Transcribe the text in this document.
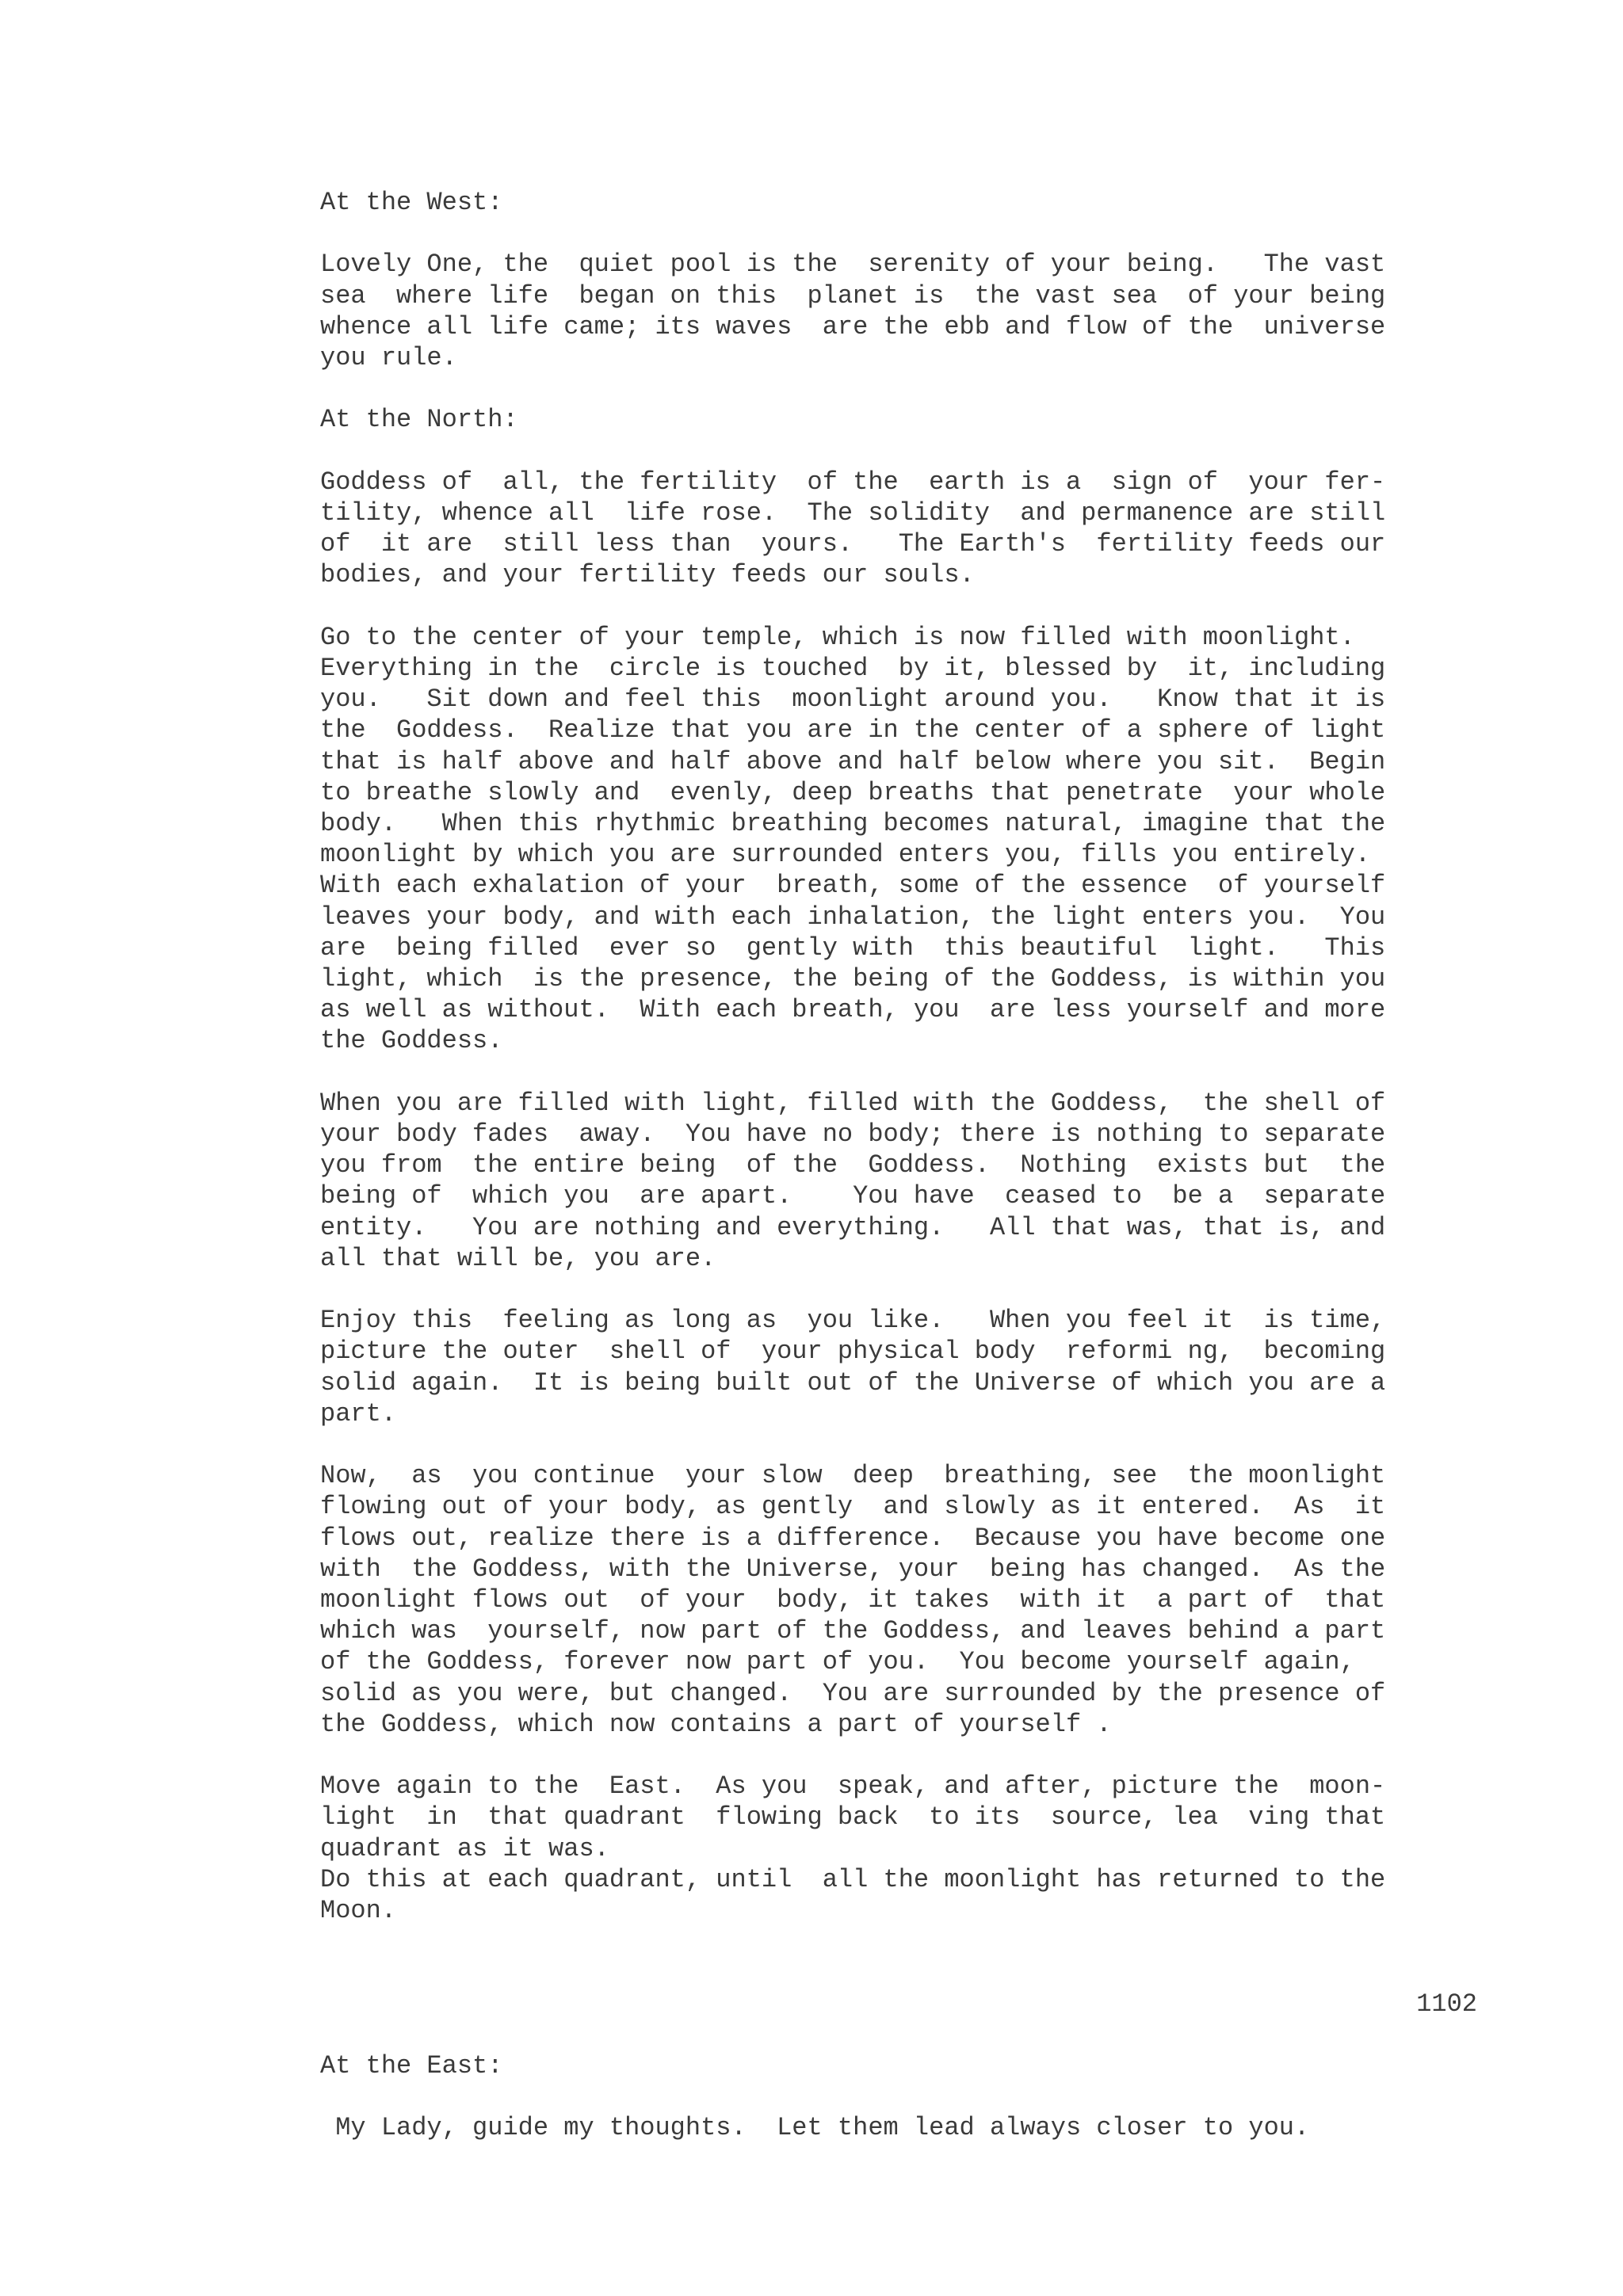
At the West:
Lovely One, the  quiet pool is the  serenity of your being.   The vast
sea  where life  began on this  planet is  the vast sea  of your being
whence all life came; its waves  are the ebb and flow of the  universe
you rule.
At the North:
Goddess of  all, the fertility  of the  earth is a  sign of  your fer-
tility, whence all  life rose.  The solidity  and permanence are still
of  it are  still less than  yours.   The Earth's  fertility feeds our
bodies, and your fertility feeds our souls.
Go to the center of your temple, which is now filled with moonlight.
Everything in the  circle is touched  by it, blessed by  it, including
you.   Sit down and feel this  moonlight around you.   Know that it is
the  Goddess.  Realize that you are in the center of a sphere of light
that is half above and half above and half below where you sit.  Begin
to breathe slowly and  evenly, deep breaths that penetrate  your whole
body.   When this rhythmic breathing becomes natural, imagine that the
moonlight by which you are surrounded enters you, fills you entirely.
With each exhalation of your  breath, some of the essence  of yourself
leaves your body, and with each inhalation, the light enters you.  You
are  being filled  ever so  gently with  this beautiful  light.   This
light, which  is the presence, the being of the Goddess, is within you
as well as without.  With each breath, you  are less yourself and more
the Goddess.
When you are filled with light, filled with the Goddess,  the shell of
your body fades  away.  You have no body; there is nothing to separate
you from  the entire being  of the  Goddess.  Nothing  exists but  the
being of  which you  are apart.    You have  ceased to  be a  separate
entity.   You are nothing and everything.   All that was, that is, and
all that will be, you are.
Enjoy this  feeling as long as  you like.   When you feel it  is time,
picture the outer  shell of  your physical body  reformi ng,  becoming
solid again.  It is being built out of the Universe of which you are a
part.
Now,  as  you continue  your slow  deep  breathing, see  the moonlight
flowing out of your body, as gently  and slowly as it entered.  As  it
flows out, realize there is a difference.  Because you have become one
with  the Goddess, with the Universe, your  being has changed.  As the
moonlight flows out  of your  body, it takes  with it  a part of  that
which was  yourself, now part of the Goddess, and leaves behind a part
of the Goddess, forever now part of you.  You become yourself again,
solid as you were, but changed.  You are surrounded by the presence of
the Goddess, which now contains a part of yourself .
Move again to the  East.  As you  speak, and after, picture the  moon-
light  in  that quadrant  flowing back  to its  source, lea  ving that
quadrant as it was.
Do this at each quadrant, until  all the moonlight has returned to the
Moon.
1102
At the East:
My Lady, guide my thoughts.  Let them lead always closer to you.
